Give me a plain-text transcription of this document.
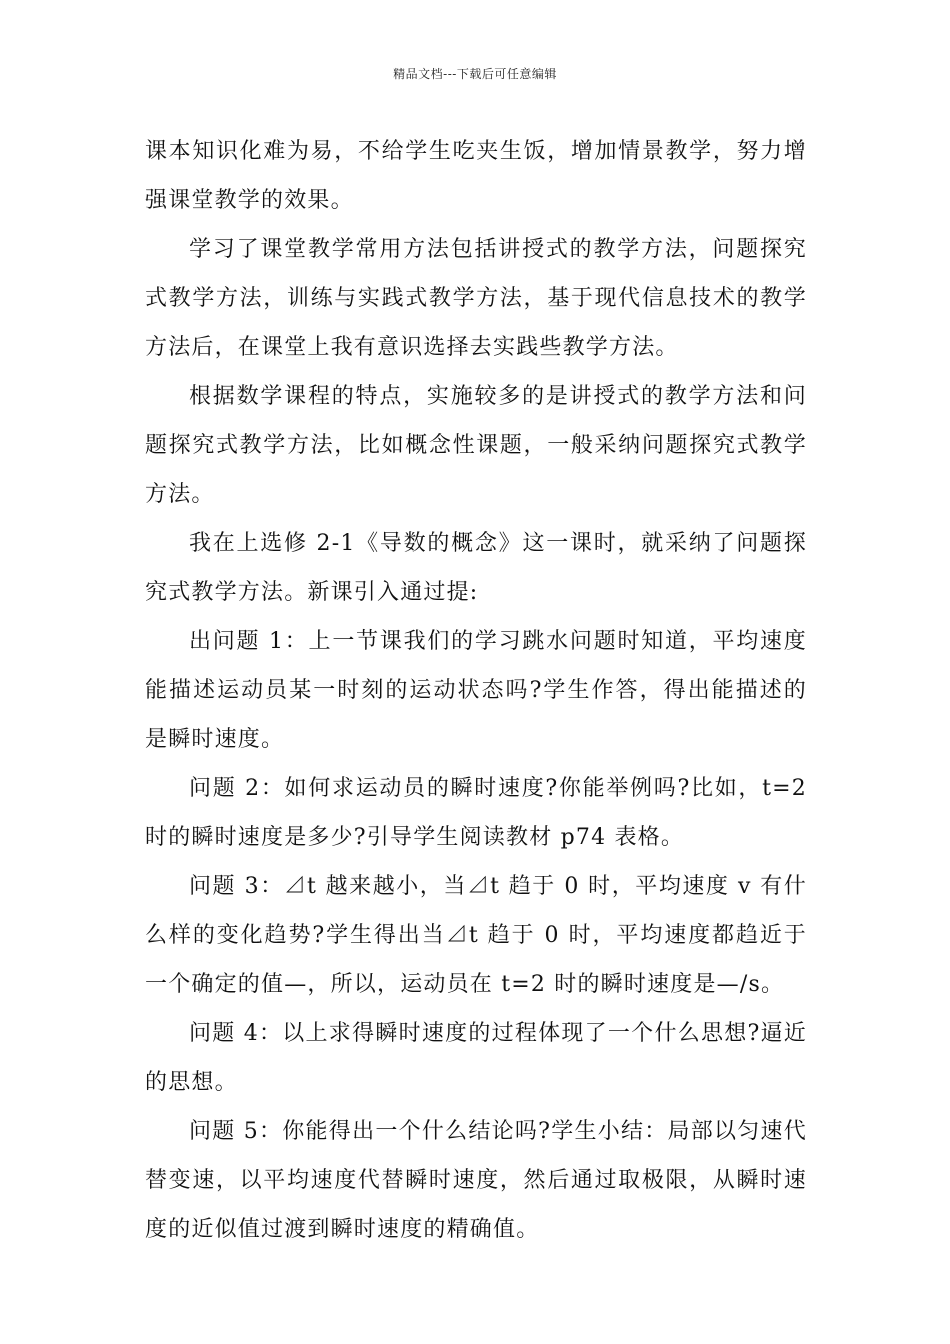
精品文档---下载后可任意编辑

课本知识化难为易，不给学生吃夹生饭，增加情景教学，努力增强课堂教学的效果。

学习了课堂教学常用方法包括讲授式的教学方法，问题探究式教学方法，训练与实践式教学方法，基于现代信息技术的教学方法后，在课堂上我有意识选择去实践些教学方法。

根据数学课程的特点，实施较多的是讲授式的教学方法和问题探究式教学方法，比如概念性课题，一般采纳问题探究式教学方法。

我在上选修 2-1《导数的概念》这一课时，就采纳了问题探究式教学方法。新课引入通过提:

出问题 1：上一节课我们的学习跳水问题时知道，平均速度能描述运动员某一时刻的运动状态吗?学生作答，得出能描述的是瞬时速度。

问题 2：如何求运动员的瞬时速度?你能举例吗?比如，t=2 时的瞬时速度是多少?引导学生阅读教材 p74 表格。

问题 3：⊿t 越来越小，当⊿t 趋于 0 时，平均速度 v 有什么样的变化趋势?学生得出当⊿t 趋于 0 时，平均速度都趋近于一个确定的值—，所以，运动员在 t=2 时的瞬时速度是—/s。

问题 4：以上求得瞬时速度的过程体现了一个什么思想?逼近的思想。

问题 5：你能得出一个什么结论吗?学生小结：局部以匀速代替变速，以平均速度代替瞬时速度，然后通过取极限，从瞬时速度的近似值过渡到瞬时速度的精确值。
